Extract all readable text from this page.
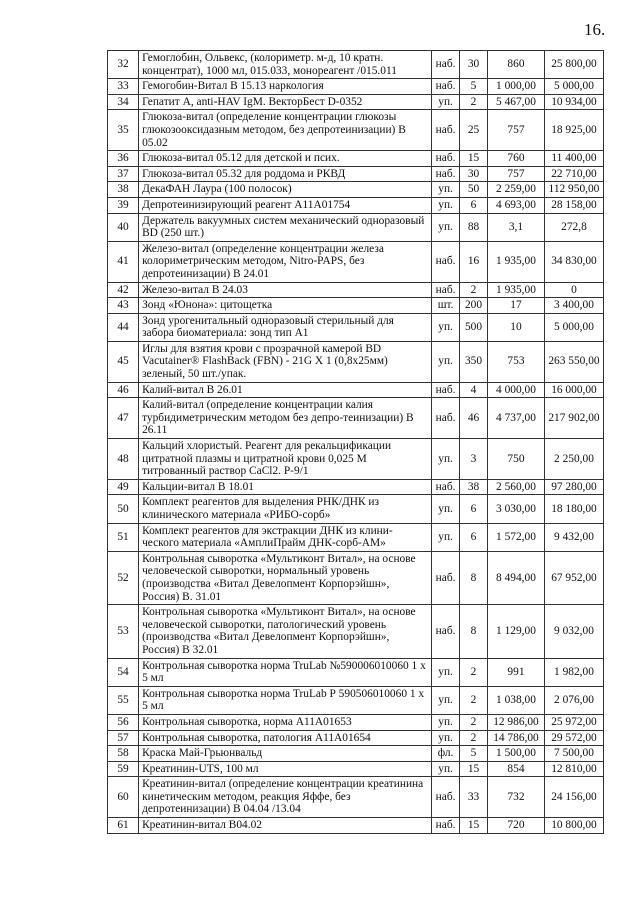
16.
32	Гемоглобин, Ольвекс, (колориметр. м-д, 10 кратн. концентрат), 1000 мл, 015.033, монореагент /015.011	наб.	30	860	25 800,00
33	Гемогобин-Витал В 15.13 наркология	наб.	5	1 000,00	5 000,00
34	Гепатит А, anti-HAV IgM. ВекторБест D-0352	уп.	2	5 467,00	10 934,00
35	Глюкоза-витал (определение концентрации глюкозы глюкозооксидазным методом, без депротеинизации) В 05.02	наб.	25	757	18 925,00
36	Глюкоза-витал 05.12 для детской и псих.	наб.	15	760	11 400,00
37	Глюкоза-витал 05.32 для роддома и РКВД	наб.	30	757	22 710,00
38	ДекаФАН Лаура (100 полосок)	уп.	50	2 259,00	112 950,00
39	Депротеинизирующий реагент А11А01754	уп.	6	4 693,00	28 158,00
40	Держатель вакуумных систем механический одноразовый BD (250 шт.)	уп.	88	3,1	272,8
41	Железо-витал (определение концентрации железа колориметрическим методом, Nitro-PAPS, без депротеинизации) В 24.01	наб.	16	1 935,00	34 830,00
42	Железо-витал В 24.03	наб.	2	1 935,00	0
43	Зонд «Юнона»: цитощетка	шт.	200	17	3 400,00
44	Зонд урогенитальный одноразовый стерильный для забора биоматериала: зонд тип А1	уп.	500	10	5 000,00
45	Иглы для взятия крови с прозрачной камерой BD Vacutainer® FlashBack (FBN) - 21G X 1 (0,8х25мм) зеленый, 50 шт./упак.	уп.	350	753	263 550,00
46	Калий-витал В 26.01	наб.	4	4 000,00	16 000,00
47	Калий-витал (определение концентрации калия турбидиметрическим методом без депро-теинизации) В 26.11	наб.	46	4 737,00	217 902,00
48	Кальций хлористый. Реагент для рекальцификации цитратной плазмы и цитратной крови 0,025 М титрованный раствор CaCl2. Р-9/1	уп.	3	750	2 250,00
49	Кальции-витал В 18.01	наб.	38	2 560,00	97 280,00
50	Комплект реагентов для выделения РНК/ДНК из клинического материала «РИБО-сорб»	уп.	6	3 030,00	18 180,00
51	Комплект реагентов для экстракции ДНК из клини-ческого материала «АмплиПрайм ДНК-сорб-АМ»	уп.	6	1 572,00	9 432,00
52	Контрольная сыворотка «Мультиконт Витал», на основе человеческой сыворотки, нормальный уровень (производства «Витал Девелопмент Корпорэйшн», Россия) В. 31.01	наб.	8	8 494,00	67 952,00
53	Контрольная сыворотка «Мультиконт Витал», на основе человеческой сыворотки, патологический уровень (производства «Витал Девелопмент Корпорэйшн», Россия) В 32.01	наб.	8	1 129,00	9 032,00
54	Контрольная сыворотка норма TruLab №590006010060 1 х 5 мл	уп.	2	991	1 982,00
55	Контрольная сыворотка норма TruLab Р 590506010060 1 х 5 мл	уп.	2	1 038,00	2 076,00
56	Контрольная сыворотка, норма А11А01653	уп.	2	12 986,00	25 972,00
57	Контрольная сыворотка, патология А11А01654	уп.	2	14 786,00	29 572,00
58	Краска Май-Грьюнвальд	фл.	5	1 500,00	7 500,00
59	Креатинин-UTS, 100 мл	уп.	15	854	12 810,00
60	Креатинин-витал (определение концентрации креатинина кинетическим методом, реакция Яффе, без депротеинизации) В 04.04 /13.04	наб.	33	732	24 156,00
61	Креатинин-витал В04.02	наб.	15	720	10 800,00
